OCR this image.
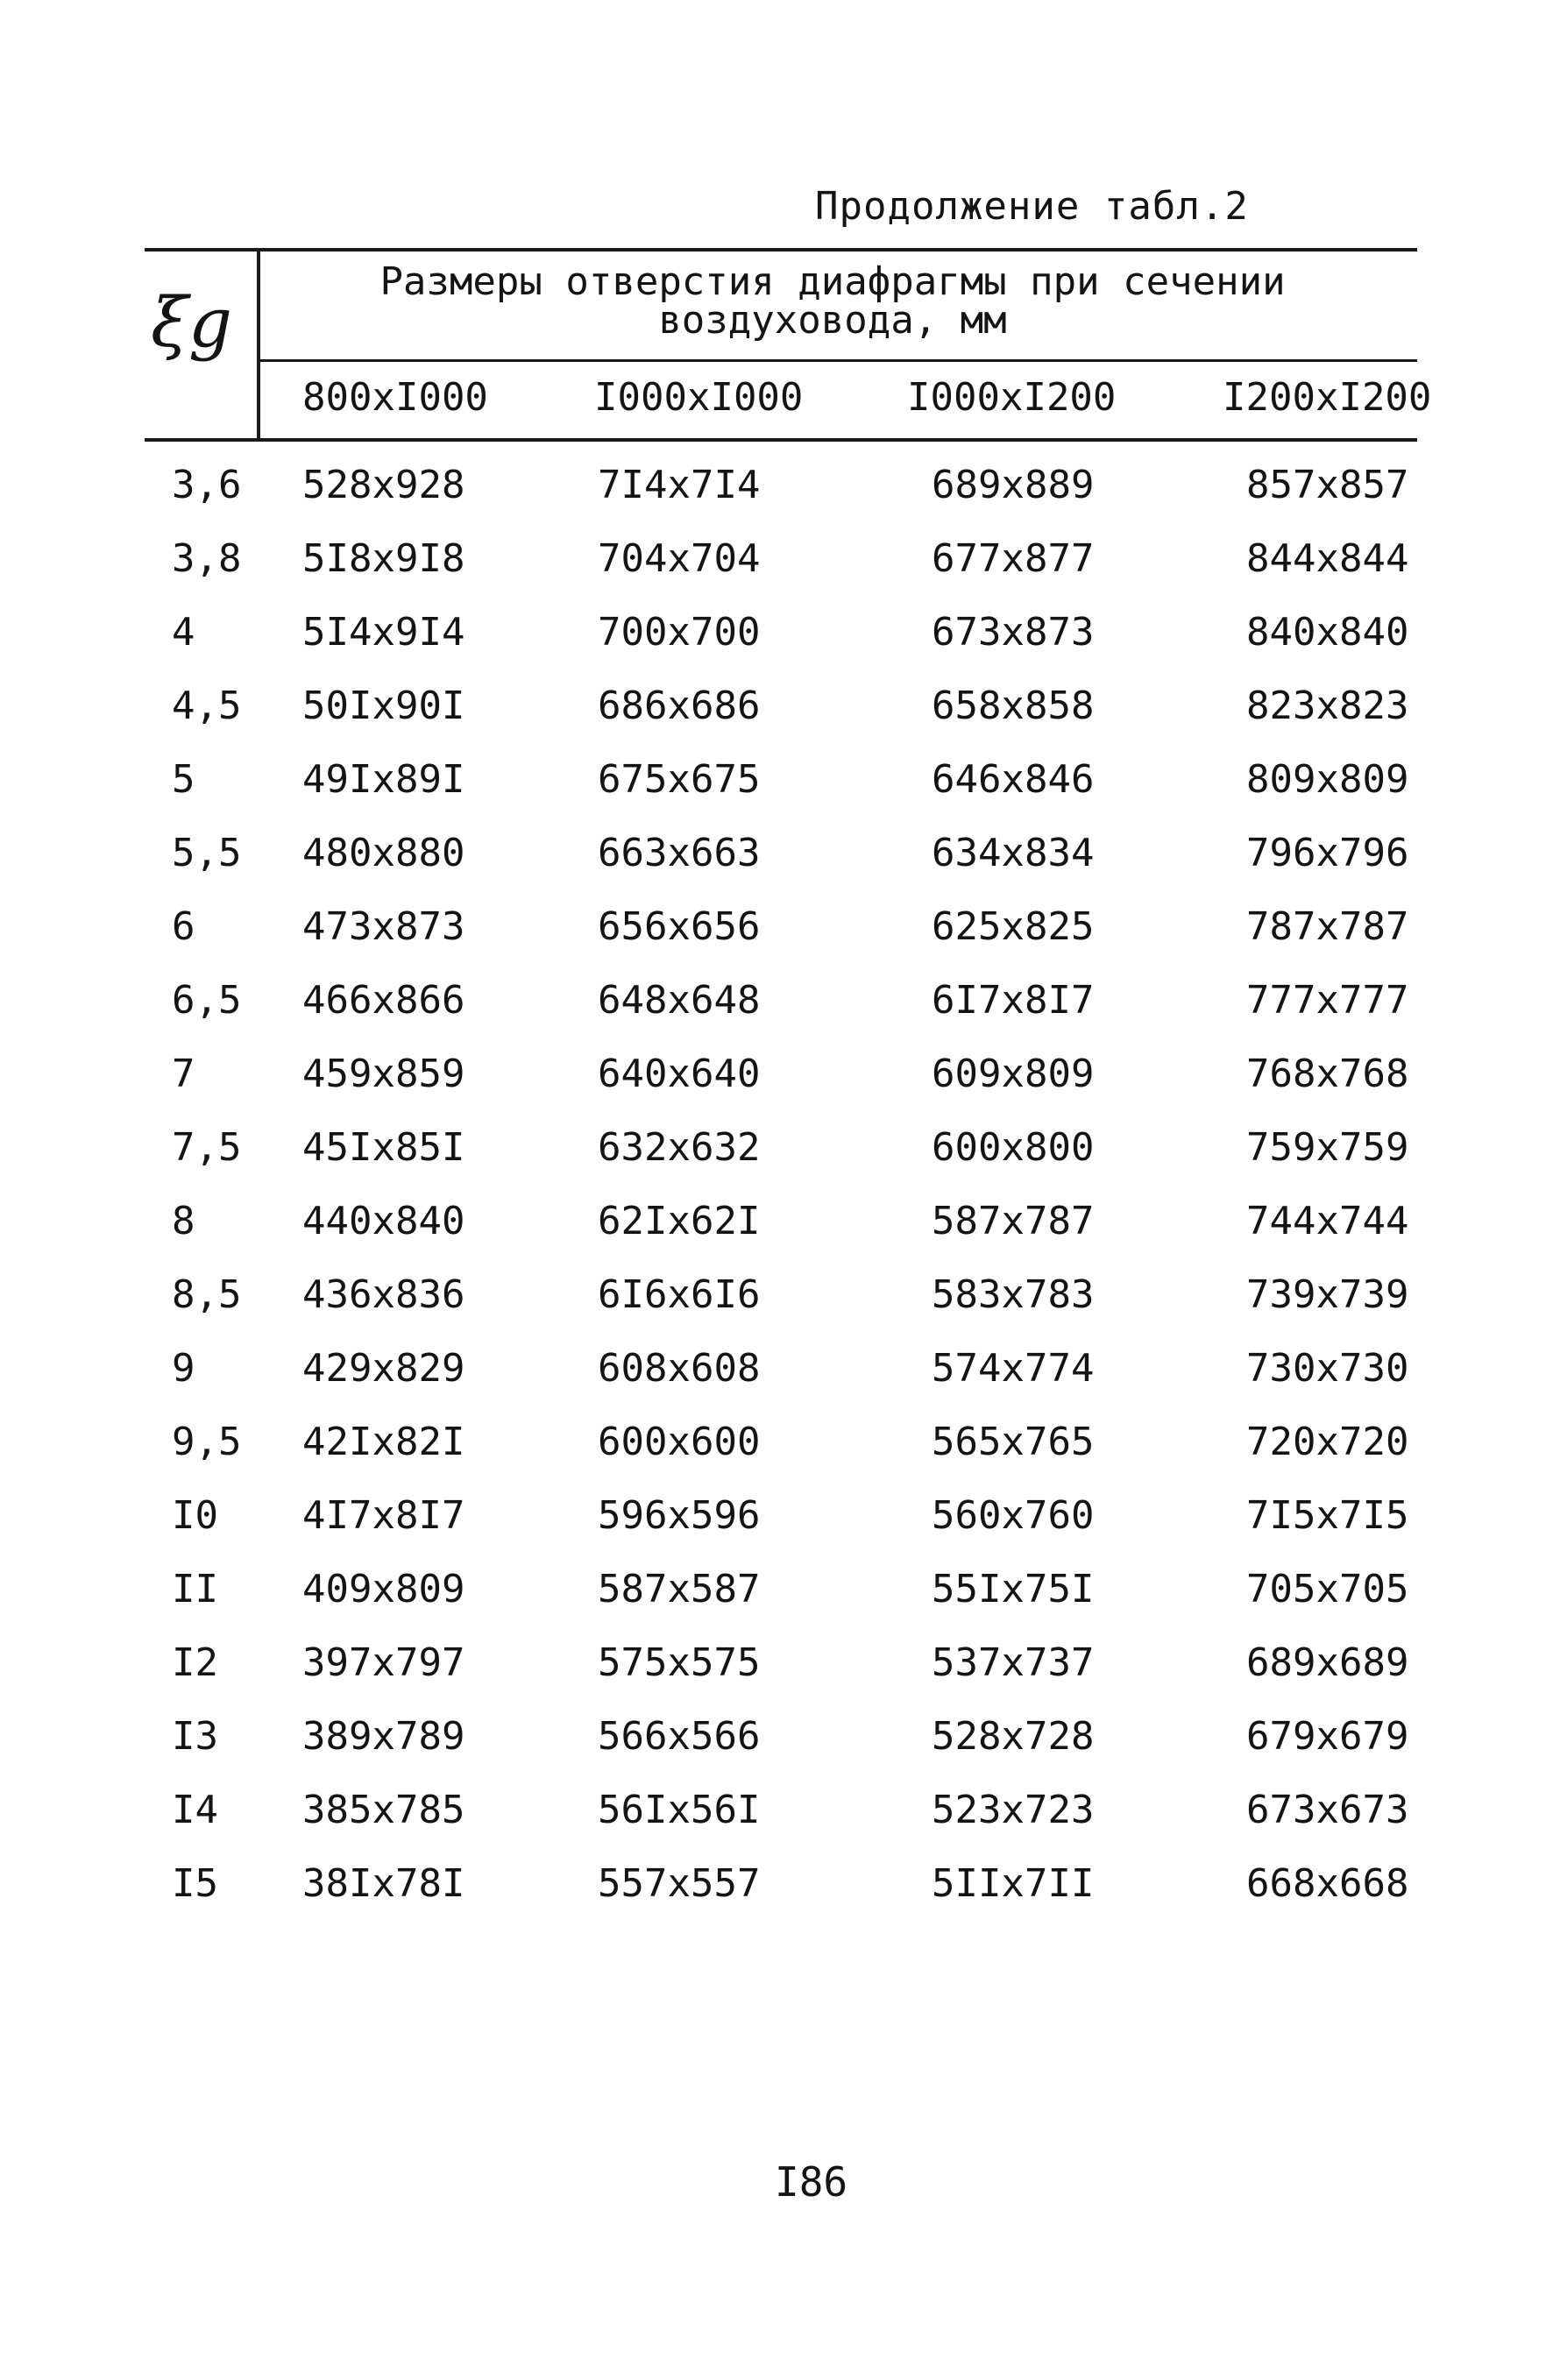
Продолжение табл.2
ξg
Размеры отверстия диафрагмы при сечении
воздуховода, мм
800xI000	I000xI000	I000xI200	I200xI200
3,6 528x928	7I4x7I4	689x889	857x857
3,8 5I8x9I8	704x704	677x877	844x844
4	5I4x9I4	700x700	673x873	840x840
4,5 50Ix90I	686x686	658x858	823x823
5	49Ix89I	675x675	646x846	809x809
5,5 480x880	663x663	634x834	796x796
6	473x873	656x656	625x825	787x787
6,5 466x866	648x648	6I7x8I7	777x777
7	459x859	640x640	609x809	768x768
7,5 45Ix85I	632x632	600x800	759x759
8	440x840	62Ix62I	587x787	744x744
8,5 436x836	6I6x6I6	583x783	739x739
9	429x829	608x608	574x774	730x730
9,5 42Ix82I	600x600	565x765	720x720
I0 4I7x8I7	596x596	560x760	7I5x7I5
II 409x809	587x587	55Ix75I	705x705
I2 397x797	575x575	537x737	689x689
I3 389x789	566x566	528x728	679x679
I4 385x785	56Ix56I	523x723	673x673
I5 38Ix78I	557x557	5IIx7II	668x668
I86
